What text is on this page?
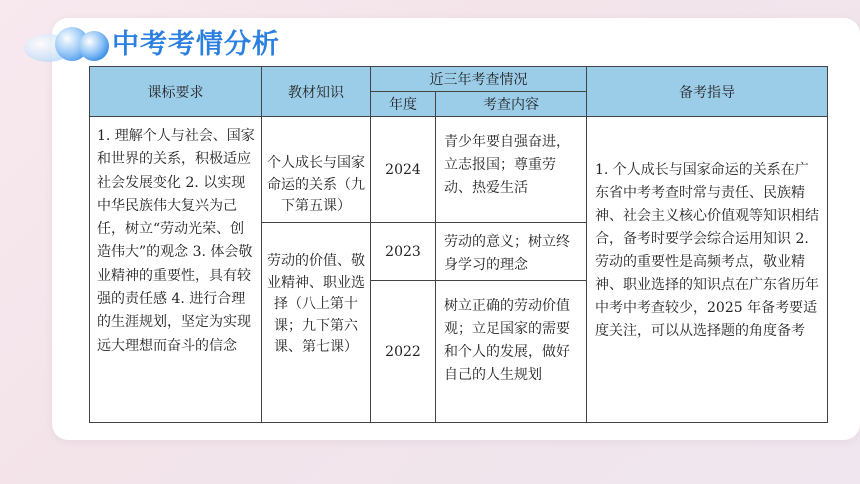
中考考情分析
课标要求	教材知识	近三年考查情况		备考指导
		年度	考查内容	
1. 理解个人与社会、国家和世界的关系，积极适应社会发展变化 2. 以实现中华民族伟大复兴为己任，树立“劳动光荣、创造伟大”的观念 3. 体会敬业精神的重要性，具有较强的责任感 4. 进行合理的生涯规划，坚定为实现远大理想而奋斗的信念	个人成长与国家命运的关系（九下第五课）	2024	青少年要自强奋进，立志报国；尊重劳动、热爱生活	1. 个人成长与国家命运的关系在广东省中考考查时常与责任、民族精神、社会主义核心价值观等知识相结合，备考时要学会综合运用知识 2. 劳动的重要性是高频考点，敬业精神、职业选择的知识点在广东省历年中考中考查较少，2025 年备考要适度关注，可以从选择题的角度备考

	劳动的价值、敬业精神、职业选择（八上第十课；九下第六课、第七课）	2023	劳动的意义；树立终身学习的理念	
		2022	树立正确的劳动价值观；立足国家的需要和个人的发展，做好自己的人生规划	
